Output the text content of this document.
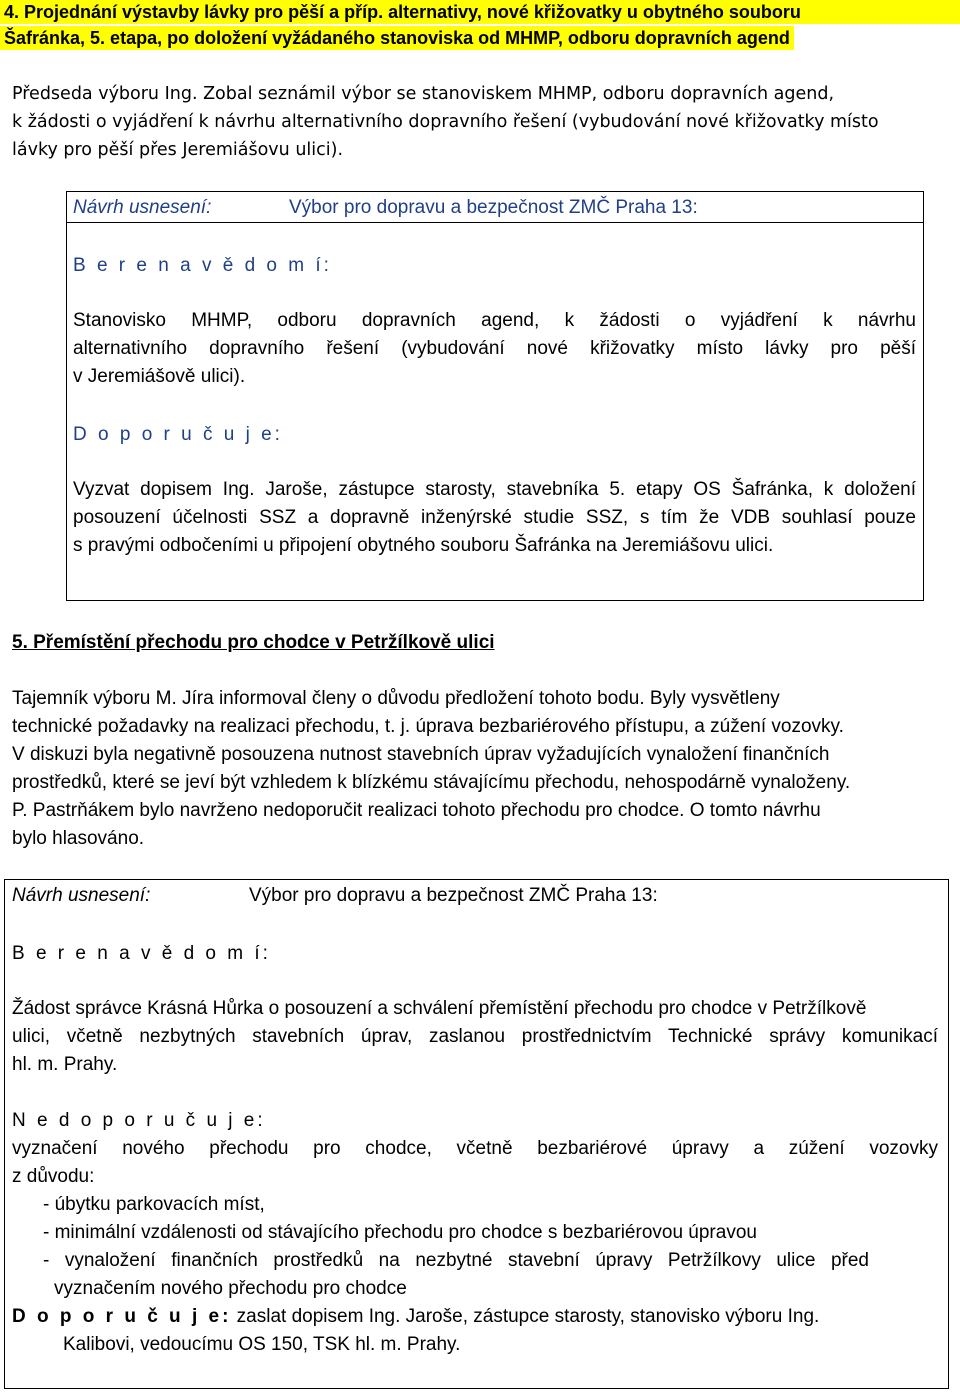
4. Projednání výstavby lávky pro pěší a příp. alternativy, nové křižovatky u obytného souboru
Šafránka, 5. etapa, po doložení vyžádaného stanoviska od MHMP, odboru dopravních agend
Předseda výboru Ing. Zobal seznámil výbor se stanoviskem MHMP, odboru dopravních agend,
k žádosti o vyjádření k návrhu alternativního dopravního řešení (vybudování nové křižovatky místo
lávky pro pěší přes Jeremiášovu ulici).
Návrh usnesení:	Výbor pro dopravu a bezpečnost ZMČ Praha 13:
B e r e n a v ě d o m í:
Stanovisko MHMP, odboru dopravních agend, k žádosti o vyjádření k návrhu
alternativního dopravního řešení (vybudování nové křižovatky místo lávky pro pěší
v Jeremiášově ulici).
D o p o r u č u j e:
Vyzvat dopisem Ing. Jaroše, zástupce starosty, stavebníka 5. etapy OS Šafránka, k doložení
posouzení účelnosti SSZ a dopravně inženýrské studie SSZ, s tím že VDB souhlasí pouze
s pravými odbočeními u připojení obytného souboru Šafránka na Jeremiášovu ulici.
5. Přemístění přechodu pro chodce v Petržílkově ulici
Tajemník výboru M. Jíra informoval členy o důvodu předložení tohoto bodu. Byly vysvětleny
technické požadavky na realizaci přechodu, t. j. úprava bezbariérového přístupu, a zúžení vozovky.
V diskuzi byla negativně posouzena nutnost stavebních úprav vyžadujících vynaložení finančních
prostředků, které se jeví být vzhledem k blízkému stávajícímu přechodu, nehospodárně vynaloženy.
P. Pastrňákem bylo navrženo nedoporučit realizaci tohoto přechodu pro chodce. O tomto návrhu
bylo hlasováno.
Návrh usnesení:	Výbor pro dopravu a bezpečnost ZMČ Praha 13:
B e r e n a v ě d o m í:
Žádost správce Krásná Hůrka o posouzení a schválení přemístění přechodu pro chodce v Petržílkově
ulici, včetně nezbytných stavebních úprav, zaslanou prostřednictvím Technické správy komunikací
hl. m. Prahy.
N e d o p o r u č u j e:
vyznačení nového přechodu pro chodce, včetně bezbariérové úpravy a zúžení vozovky
z důvodu:
- úbytku parkovacích míst,
- minimální vzdálenosti od stávajícího přechodu pro chodce s bezbariérovou úpravou
- vynaložení finančních prostředků na nezbytné stavební úpravy Petržílkovy ulice před
vyznačením nového přechodu pro chodce
D o p o r u č u j e: zaslat dopisem Ing. Jaroše, zástupce starosty, stanovisko výboru Ing.
Kalibovi, vedoucímu OS 150, TSK hl. m. Prahy.
